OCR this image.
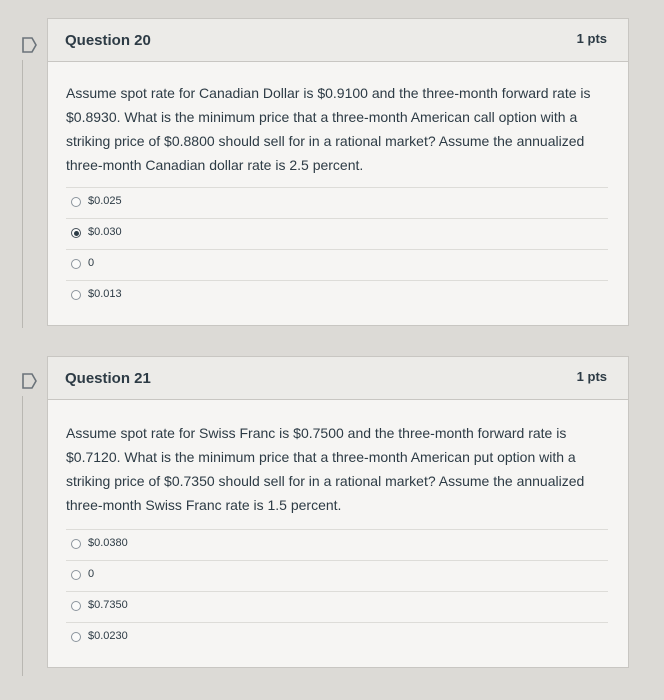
Question 20	1 pts
Assume spot rate for Canadian Dollar is $0.9100 and the three-month forward rate is $0.8930. What is the minimum price that a three-month American call option with a striking price of $0.8800 should sell for in a rational market? Assume the annualized three-month Canadian dollar rate is 2.5 percent.
$0.025
$0.030
0
$0.013
Question 21	1 pts
Assume spot rate for Swiss Franc is $0.7500 and the three-month forward rate is $0.7120. What is the minimum price that a three-month American put option with a striking price of $0.7350 should sell for in a rational market? Assume the annualized three-month Swiss Franc rate is 1.5 percent.
$0.0380
0
$0.7350
$0.0230
